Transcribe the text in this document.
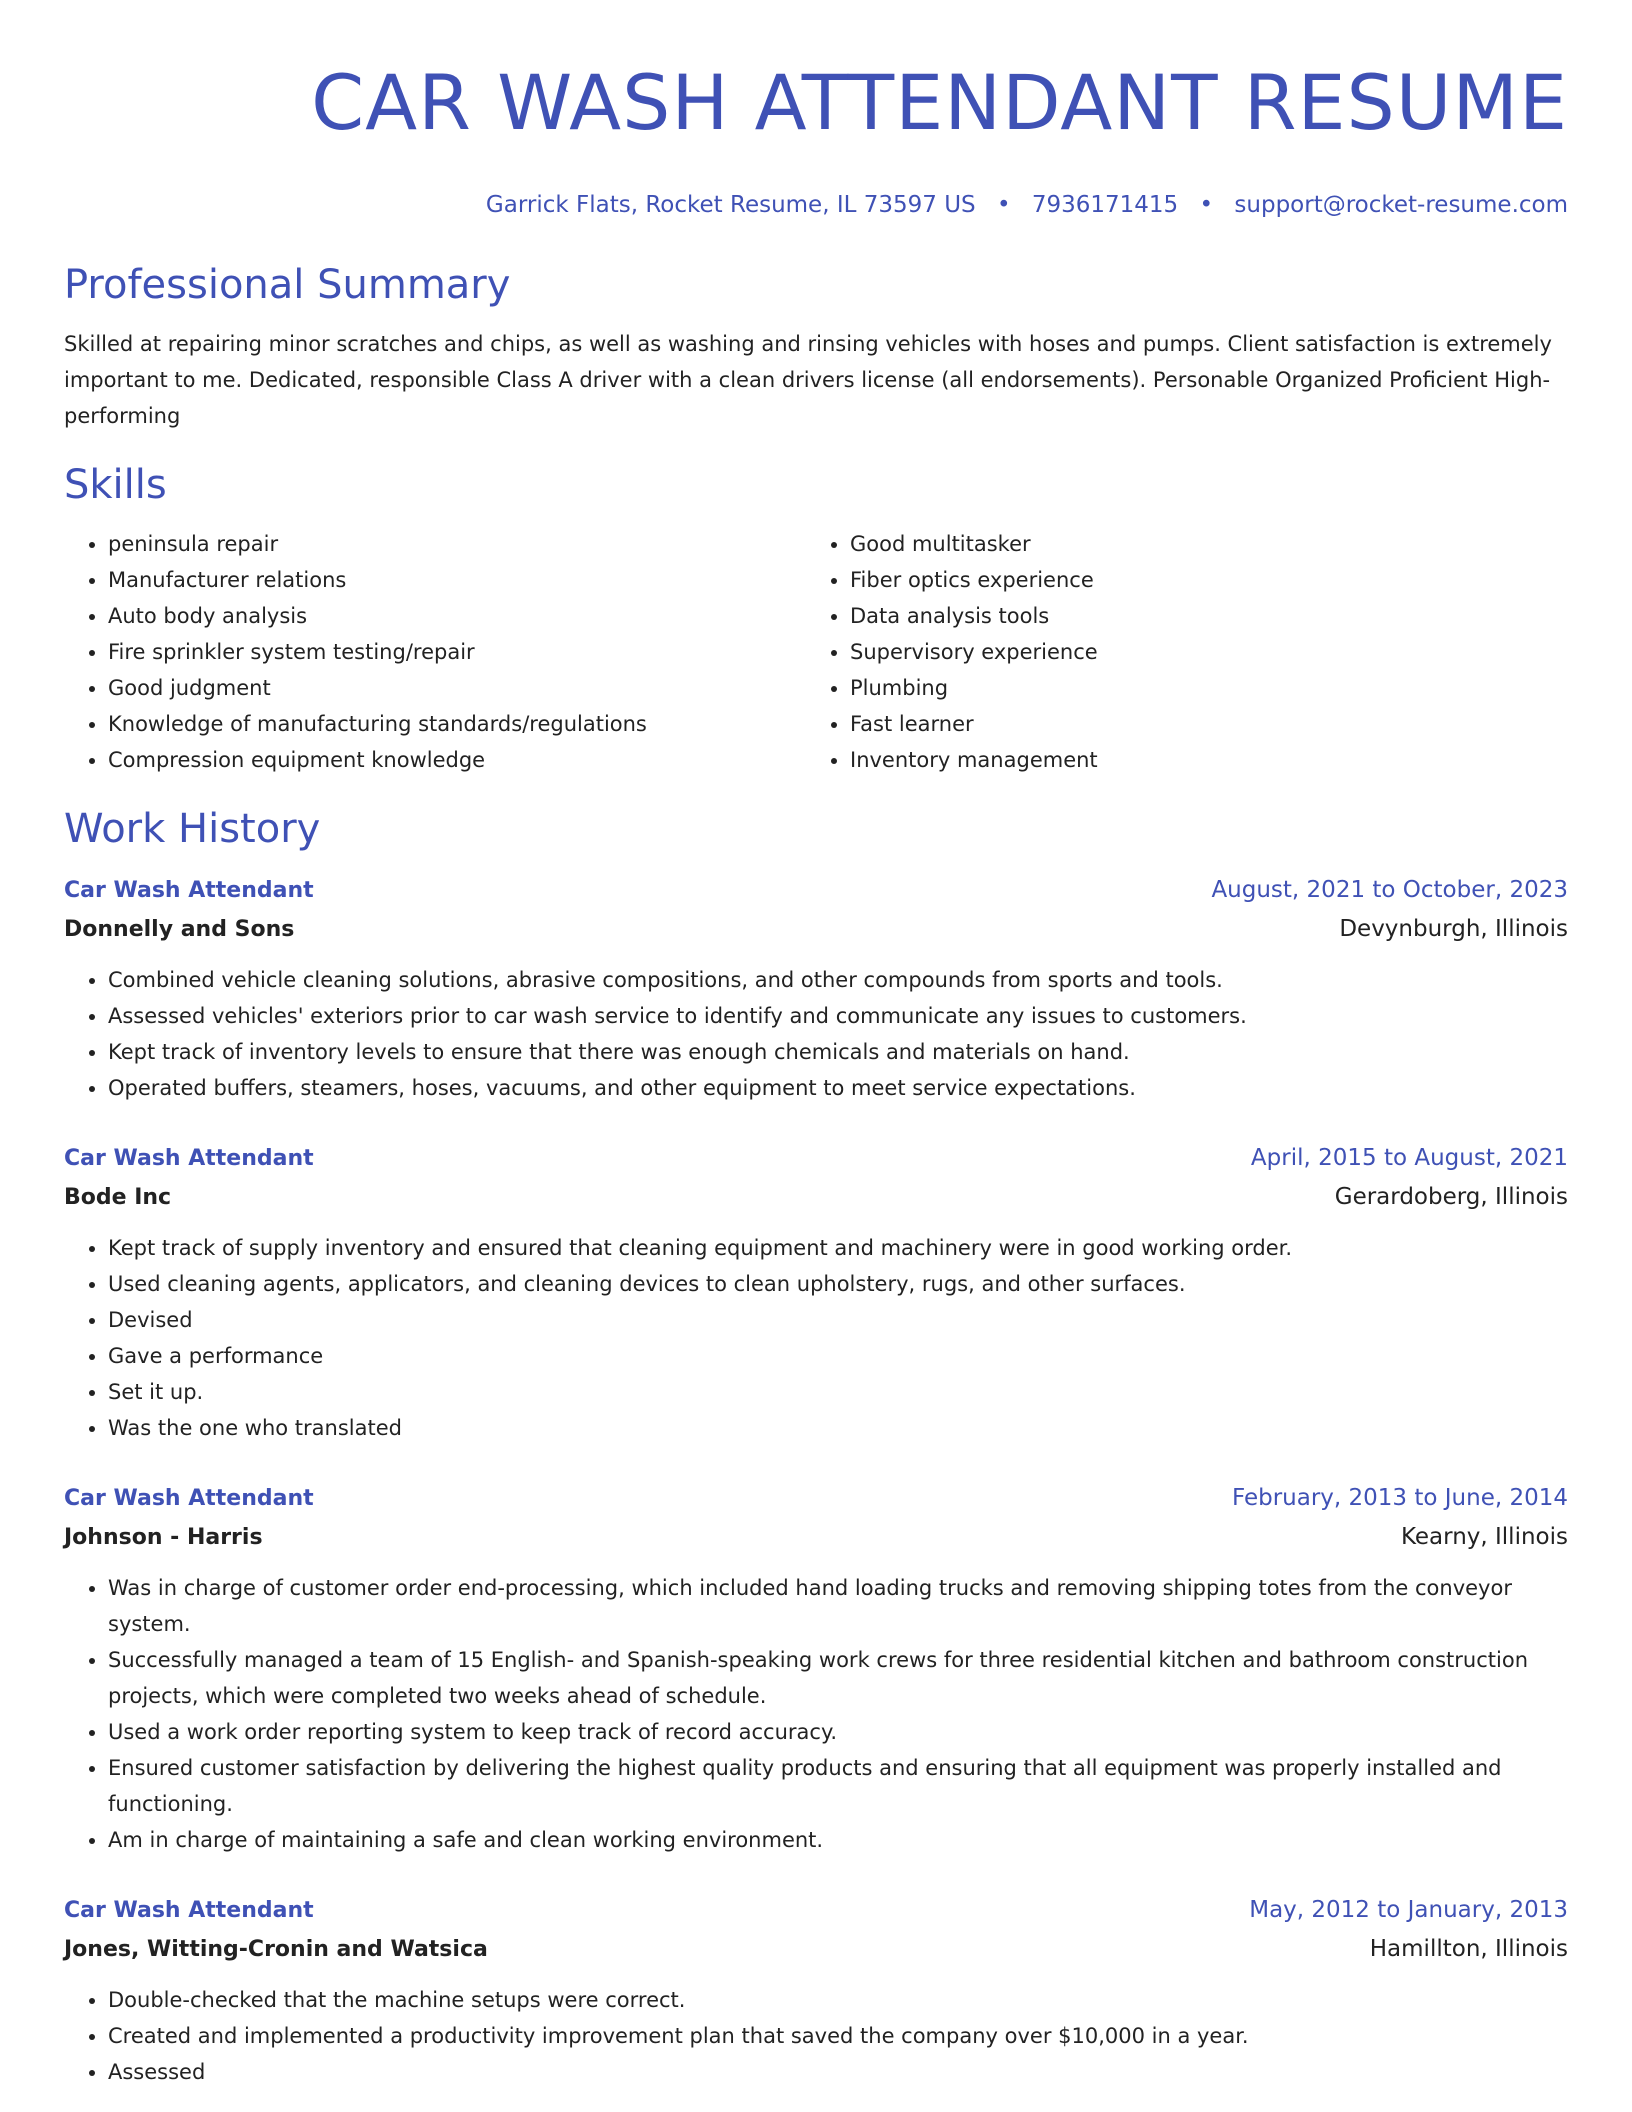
CAR WASH ATTENDANT RESUME
Garrick Flats, Rocket Resume, IL 73597 US • 7936171415 • support@rocket-resume.com
Professional Summary
Skilled at repairing minor scratches and chips, as well as washing and rinsing vehicles with hoses and pumps. Client satisfaction is extremely important to me. Dedicated, responsible Class A driver with a clean drivers license (all endorsements). Personable Organized Proficient High-performing
Skills
• peninsula repair
• Manufacturer relations
• Auto body analysis
• Fire sprinkler system testing/repair
• Good judgment
• Knowledge of manufacturing standards/regulations
• Compression equipment knowledge
• Good multitasker
• Fiber optics experience
• Data analysis tools
• Supervisory experience
• Plumbing
• Fast learner
• Inventory management
Work History
Car Wash Attendant	August, 2021 to October, 2023
Donnelly and Sons	Devynburgh, Illinois
• Combined vehicle cleaning solutions, abrasive compositions, and other compounds from sports and tools.
• Assessed vehicles' exteriors prior to car wash service to identify and communicate any issues to customers.
• Kept track of inventory levels to ensure that there was enough chemicals and materials on hand.
• Operated buffers, steamers, hoses, vacuums, and other equipment to meet service expectations.
Car Wash Attendant	April, 2015 to August, 2021
Bode Inc	Gerardoberg, Illinois
• Kept track of supply inventory and ensured that cleaning equipment and machinery were in good working order.
• Used cleaning agents, applicators, and cleaning devices to clean upholstery, rugs, and other surfaces.
• Devised
• Gave a performance
• Set it up.
• Was the one who translated
Car Wash Attendant	February, 2013 to June, 2014
Johnson - Harris	Kearny, Illinois
• Was in charge of customer order end-processing, which included hand loading trucks and removing shipping totes from the conveyor system.
• Successfully managed a team of 15 English- and Spanish-speaking work crews for three residential kitchen and bathroom construction projects, which were completed two weeks ahead of schedule.
• Used a work order reporting system to keep track of record accuracy.
• Ensured customer satisfaction by delivering the highest quality products and ensuring that all equipment was properly installed and functioning.
• Am in charge of maintaining a safe and clean working environment.
Car Wash Attendant	May, 2012 to January, 2013
Jones, Witting-Cronin and Watsica	Hamillton, Illinois
• Double-checked that the machine setups were correct.
• Created and implemented a productivity improvement plan that saved the company over $10,000 in a year.
• Assessed
